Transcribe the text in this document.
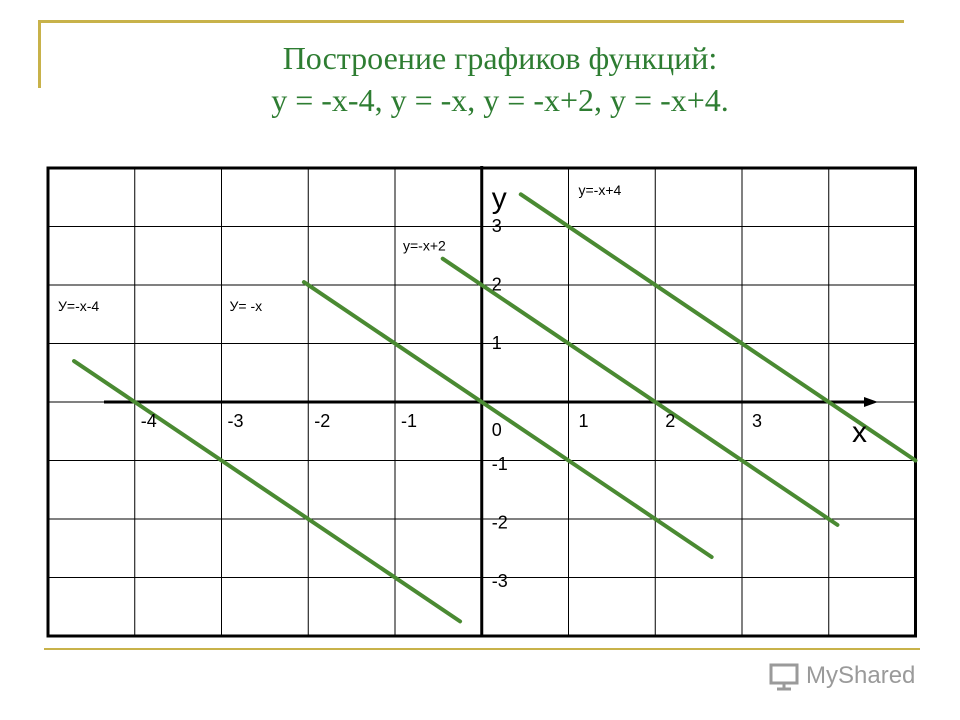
Построение графиков функций:
y = -x-4, y = -x, y = -x+2, y = -x+4.
-4	-3	-2	-1	0	1	2	3
3
2
1
-1
-2
-3
y
x
у=-x+4
у=-x+2
У=-x-4	У= -x
MyShared
